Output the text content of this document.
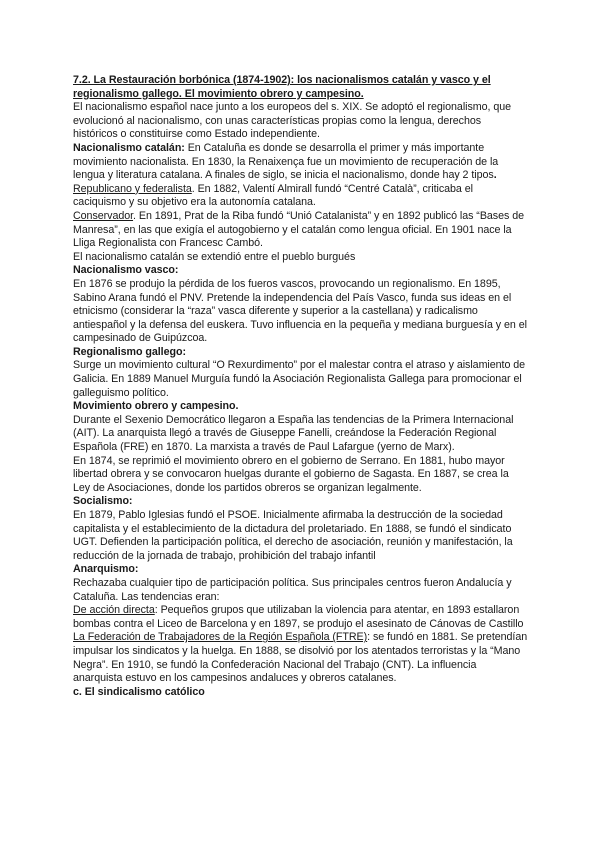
7.2. La Restauración borbónica (1874-1902): los nacionalismos catalán y vasco y el regionalismo gallego. El movimiento obrero y campesino.

El nacionalismo español nace junto a los europeos del s. XIX. Se adoptó el regionalismo, que evolucionó al nacionalismo, con unas características propias como la lengua, derechos históricos o constituirse como Estado independiente.

Nacionalismo catalán: En Cataluña es donde se desarrolla el primer y más importante movimiento nacionalista. En 1830, la Renaixença fue un movimiento de recuperación de la lengua y literatura catalana. A finales de siglo, se inicia el nacionalismo, donde hay 2 tipos.

Republicano y federalista. En 1882, Valentí Almirall fundó “Centré Català”, criticaba el caciquismo y su objetivo era la autonomía catalana.

Conservador. En 1891, Prat de la Riba fundó “Unió Catalanista” y en 1892 publicó las “Bases de Manresa”, en las que exigía el autogobierno y el catalán como lengua oficial. En 1901 nace la Lliga Regionalista con Francesc Cambó.

El nacionalismo catalán se extendió entre el pueblo burgués

Nacionalismo vasco:

En 1876 se produjo la pérdida de los fueros vascos, provocando un regionalismo. En 1895, Sabino Arana fundó el PNV. Pretende la independencia del País Vasco, funda sus ideas en el etnicismo (considerar la “raza” vasca diferente y superior a la castellana) y radicalismo antiespañol y la defensa del euskera. Tuvo influencia en la pequeña y mediana burguesía y en el campesinado de Guipúzcoa.

Regionalismo gallego:

Surge un movimiento cultural “O Rexurdimento” por el malestar contra el atraso y aislamiento de Galicia. En 1889 Manuel Murguía fundó la Asociación Regionalista Gallega para promocionar el galleguismo político.

Movimiento obrero y campesino.

Durante el Sexenio Democrático llegaron a España las tendencias de la Primera Internacional (AIT). La anarquista llegó a través de Giuseppe Fanelli, creándose la Federación Regional Española (FRE) en 1870. La marxista a través de Paul Lafargue (yerno de Marx).

En 1874, se reprimió el movimiento obrero en el gobierno de Serrano. En 1881, hubo mayor libertad obrera y se convocaron huelgas durante el gobierno de Sagasta. En 1887, se crea la Ley de Asociaciones, donde los partidos obreros se organizan legalmente.

Socialismo:

En 1879, Pablo Iglesias fundó el PSOE. Inicialmente afirmaba la destrucción de la sociedad capitalista y el establecimiento de la dictadura del proletariado. En 1888, se fundó el sindicato UGT. Defienden la participación política, el derecho de asociación, reunión y manifestación, la reducción de la jornada de trabajo, prohibición del trabajo infantil

Anarquismo:

Rechazaba cualquier tipo de participación política. Sus principales centros fueron Andalucía y Cataluña. Las tendencias eran:

De acción directa: Pequeños grupos que utilizaban la violencia para atentar, en 1893 estallaron bombas contra el Liceo de Barcelona y en 1897, se produjo el asesinato de Cánovas de Castillo

La Federación de Trabajadores de la Región Española (FTRE): se fundó en 1881. Se pretendían impulsar los sindicatos y la huelga. En 1888, se disolvió por los atentados terroristas y la “Mano Negra”. En 1910, se fundó la Confederación Nacional del Trabajo (CNT). La influencia anarquista estuvo en los campesinos andaluces y obreros catalanes.

c. El sindicalismo católico
